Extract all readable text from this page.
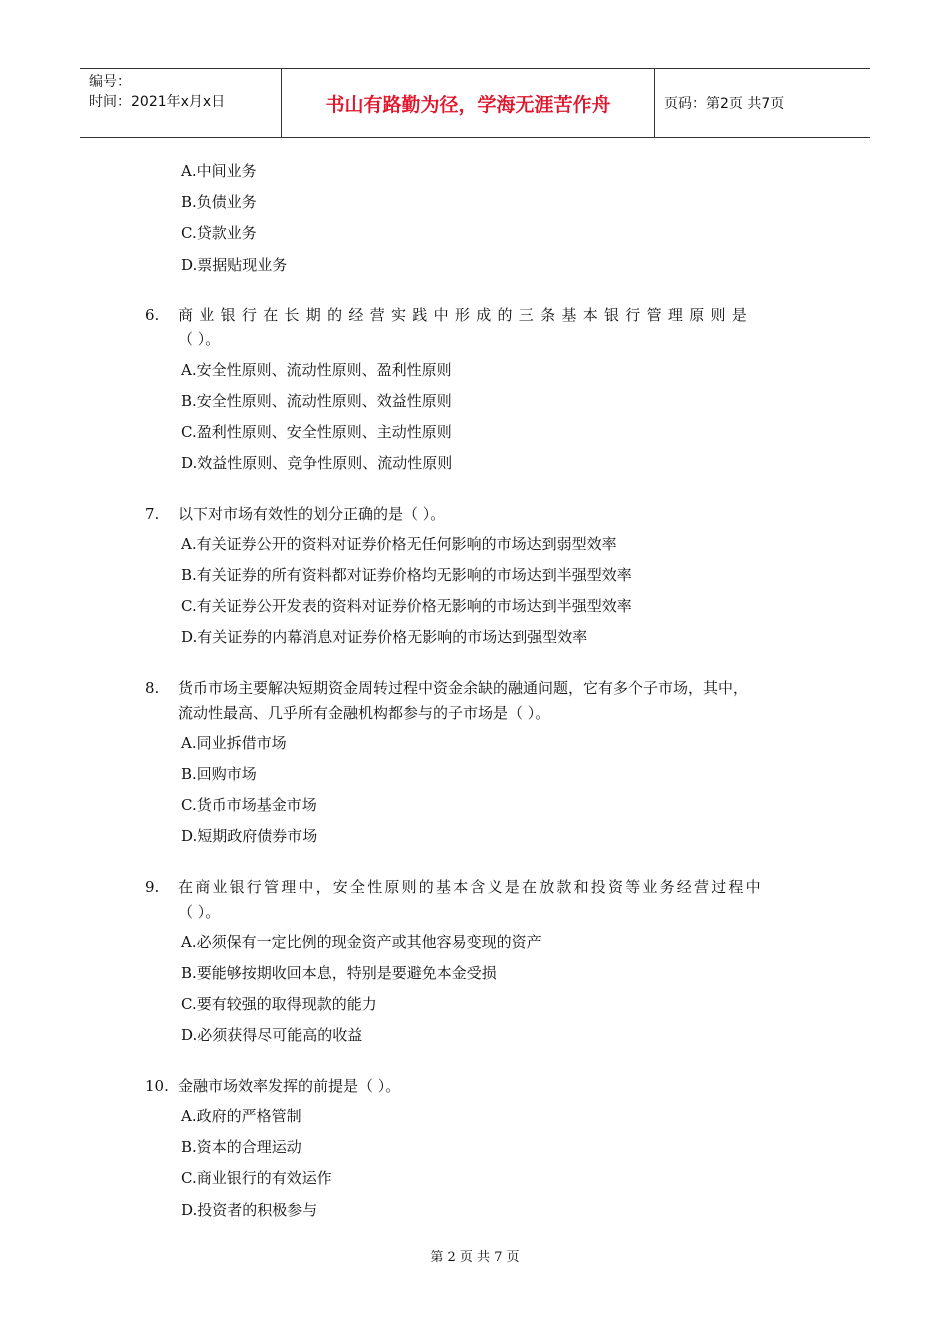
编号：
时间：2021年x月x日	书山有路勤为径，学海无涯苦作舟	页码：第2页 共7页
A.中间业务
B.负债业务
C.贷款业务
D.票据贴现业务
6. 商业银行在长期的经营实践中形成的三条基本银行管理原则是
（ ）。
A.安全性原则、流动性原则、盈利性原则
B.安全性原则、流动性原则、效益性原则
C.盈利性原则、安全性原则、主动性原则
D.效益性原则、竞争性原则、流动性原则
7. 以下对市场有效性的划分正确的是（ ）。
A.有关证券公开的资料对证券价格无任何影响的市场达到弱型效率
B.有关证券的所有资料都对证券价格均无影响的市场达到半强型效率
C.有关证券公开发表的资料对证券价格无影响的市场达到半强型效率
D.有关证券的内幕消息对证券价格无影响的市场达到强型效率
8. 货币市场主要解决短期资金周转过程中资金余缺的融通问题，它有多个子市场，其中，
流动性最高、几乎所有金融机构都参与的子市场是（ ）。
A.同业拆借市场
B.回购市场
C.货币市场基金市场
D.短期政府债券市场
9. 在商业银行管理中，安全性原则的基本含义是在放款和投资等业务经营过程中
（ ）。
A.必须保有一定比例的现金资产或其他容易变现的资产
B.要能够按期收回本息，特别是要避免本金受损
C.要有较强的取得现款的能力
D.必须获得尽可能高的收益
10. 金融市场效率发挥的前提是（ ）。
A.政府的严格管制
B.资本的合理运动
C.商业银行的有效运作
D.投资者的积极参与
第 2 页 共 7 页
